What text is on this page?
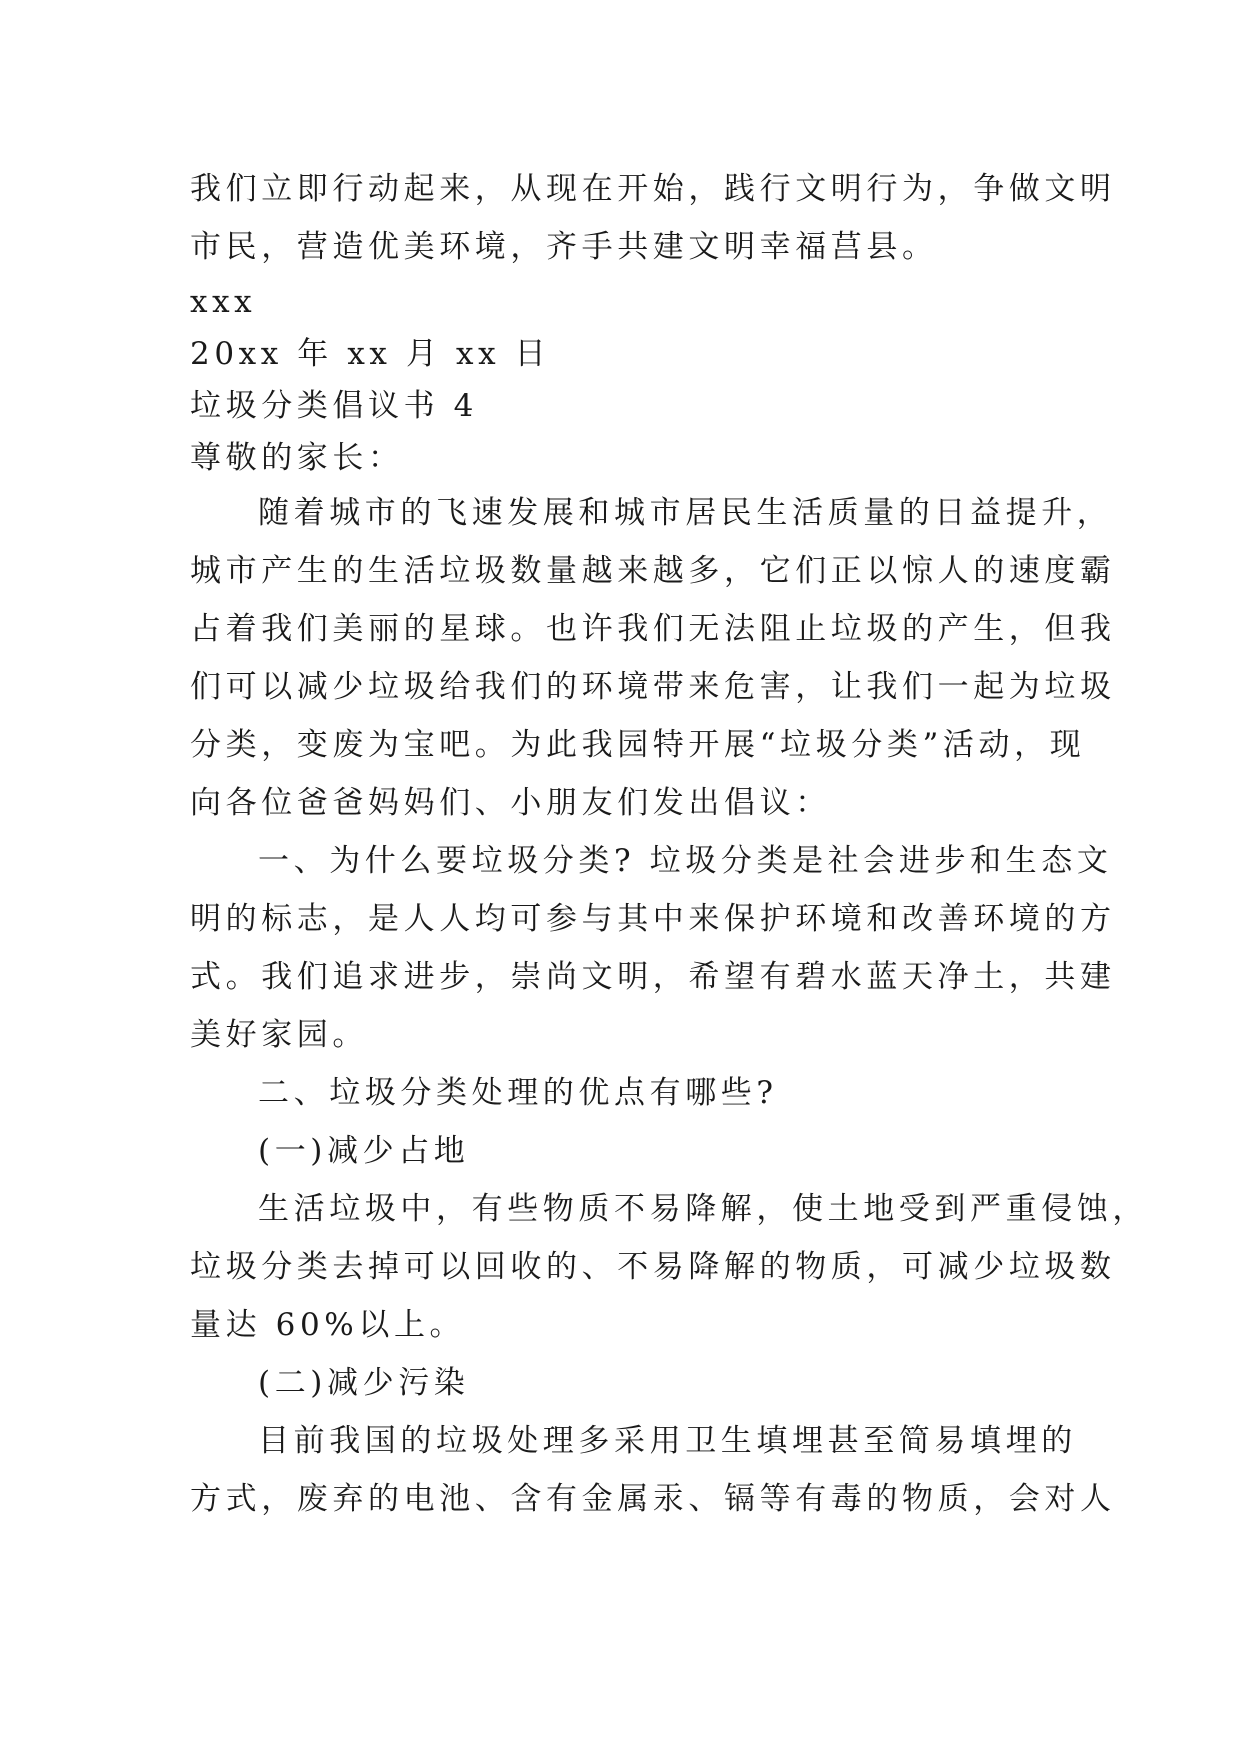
我们立即行动起来，从现在开始，践行文明行为，争做文明

市民，营造优美环境，齐手共建文明幸福莒县。

xxx

20xx 年 xx 月 xx 日

垃圾分类倡议书 4

尊敬的家长：

随着城市的飞速发展和城市居民生活质量的日益提升，

城市产生的生活垃圾数量越来越多，它们正以惊人的速度霸

占着我们美丽的星球。也许我们无法阻止垃圾的产生，但我

们可以减少垃圾给我们的环境带来危害，让我们一起为垃圾

分类，变废为宝吧。为此我园特开展“垃圾分类”活动，现

向各位爸爸妈妈们、小朋友们发出倡议：

一、为什么要垃圾分类? 垃圾分类是社会进步和生态文

明的标志，是人人均可参与其中来保护环境和改善环境的方

式。我们追求进步，崇尚文明，希望有碧水蓝天净土，共建

美好家园。

二、垃圾分类处理的优点有哪些?

(一)减少占地

生活垃圾中，有些物质不易降解，使土地受到严重侵蚀，

垃圾分类去掉可以回收的、不易降解的物质，可减少垃圾数

量达 60%以上。

(二)减少污染

目前我国的垃圾处理多采用卫生填埋甚至简易填埋的

方式，废弃的电池、含有金属汞、镉等有毒的物质，会对人
